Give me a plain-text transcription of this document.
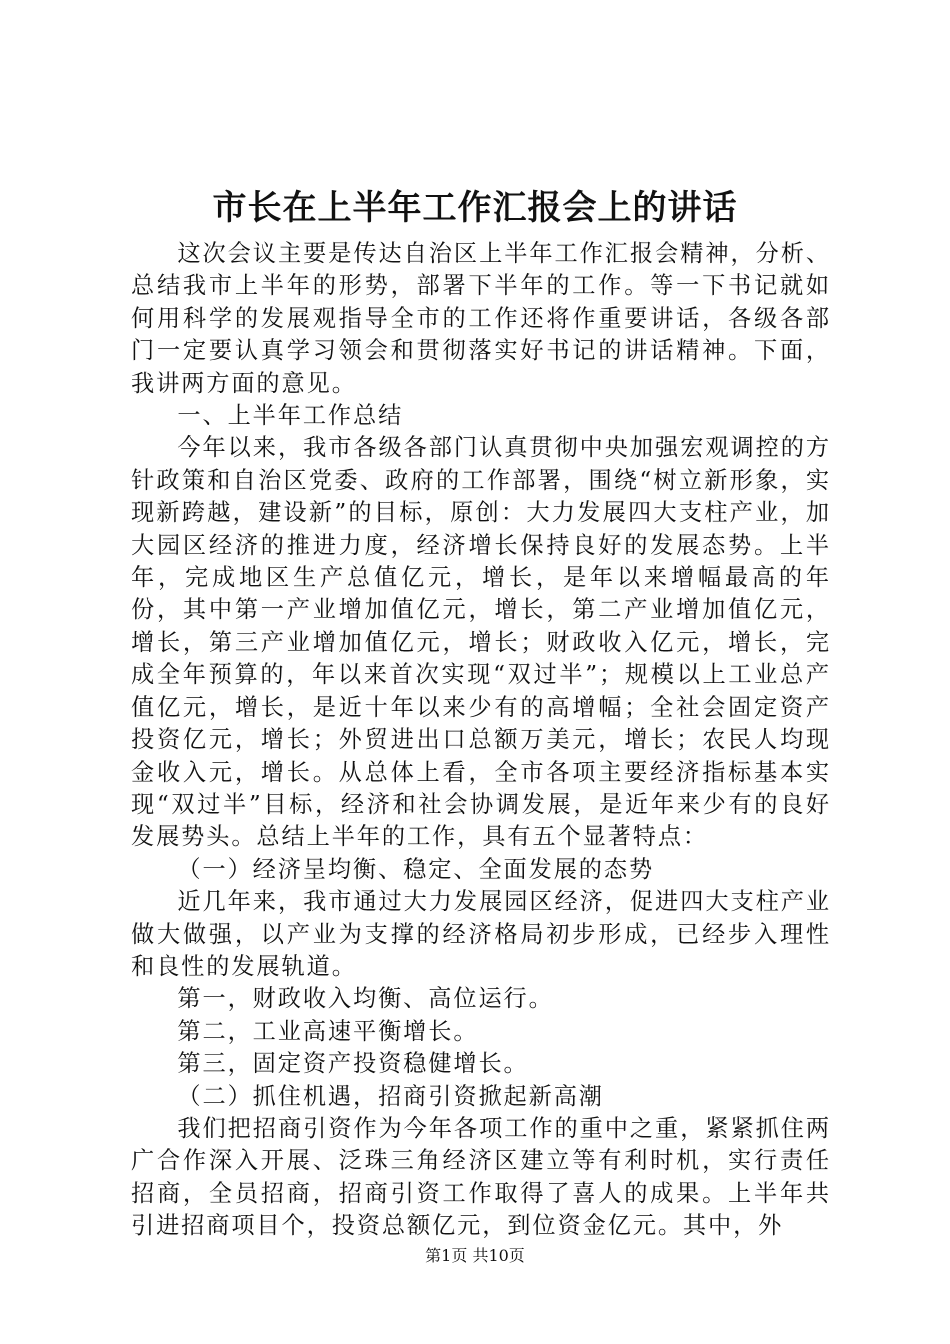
市长在上半年工作汇报会上的讲话

这次会议主要是传达自治区上半年工作汇报会精神，分析、总结我市上半年的形势，部署下半年的工作。等一下书记就如何用科学的发展观指导全市的工作还将作重要讲话，各级各部门一定要认真学习领会和贯彻落实好书记的讲话精神。下面，我讲两方面的意见。

一、上半年工作总结

今年以来，我市各级各部门认真贯彻中央加强宏观调控的方针政策和自治区党委、政府的工作部署，围绕“树立新形象，实现新跨越，建设新”的目标，原创：大力发展四大支柱产业，加大园区经济的推进力度，经济增长保持良好的发展态势。上半年，完成地区生产总值亿元，增长，是年以来增幅最高的年份，其中第一产业增加值亿元，增长，第二产业增加值亿元，增长，第三产业增加值亿元，增长；财政收入亿元，增长，完成全年预算的，年以来首次实现“双过半”；规模以上工业总产值亿元，增长，是近十年以来少有的高增幅；全社会固定资产投资亿元，增长；外贸进出口总额万美元，增长；农民人均现金收入元，增长。从总体上看，全市各项主要经济指标基本实现“双过半”目标，经济和社会协调发展，是近年来少有的良好发展势头。总结上半年的工作，具有五个显著特点：

（一）经济呈均衡、稳定、全面发展的态势

近几年来，我市通过大力发展园区经济，促进四大支柱产业做大做强，以产业为支撑的经济格局初步形成，已经步入理性和良性的发展轨道。

第一，财政收入均衡、高位运行。

第二，工业高速平衡增长。

第三，固定资产投资稳健增长。

（二）抓住机遇，招商引资掀起新高潮

我们把招商引资作为今年各项工作的重中之重，紧紧抓住两广合作深入开展、泛珠三角经济区建立等有利时机，实行责任招商，全员招商，招商引资工作取得了喜人的成果。上半年共引进招商项目个，投资总额亿元，到位资金亿元。其中，外

第1页 共10页
